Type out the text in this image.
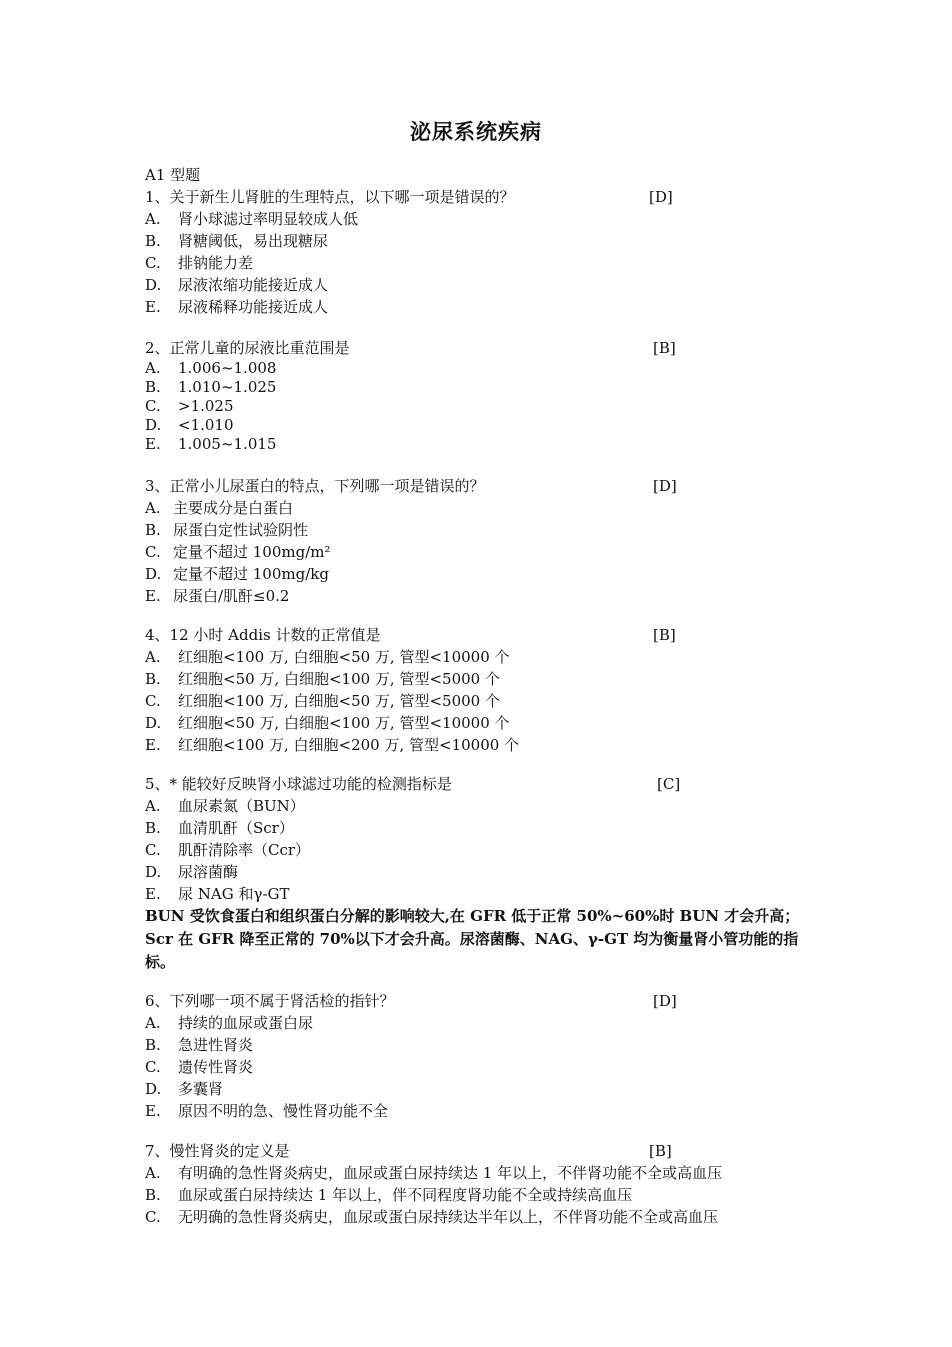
泌尿系统疾病
A1 型题
1、关于新生儿肾脏的生理特点，以下哪一项是错误的？	[D]
A. 肾小球滤过率明显较成人低
B. 肾糖阈低，易出现糖尿
C. 排钠能力差
D. 尿液浓缩功能接近成人
E. 尿液稀释功能接近成人
2、正常儿童的尿液比重范围是	[B]
A. 1.006~1.008
B. 1.010~1.025
C. >1.025
D. <1.010
E. 1.005~1.015
3、正常小儿尿蛋白的特点，下列哪一项是错误的？	[D]
A. 主要成分是白蛋白
B. 尿蛋白定性试验阴性
C. 定量不超过 100mg/m²
D. 定量不超过 100mg/kg
E. 尿蛋白/肌酐≤0.2
4、12 小时 Addis 计数的正常值是	[B]
A. 红细胞<100 万, 白细胞<50 万, 管型<10000 个
B. 红细胞<50 万, 白细胞<100 万, 管型<5000 个
C. 红细胞<100 万, 白细胞<50 万, 管型<5000 个
D. 红细胞<50 万, 白细胞<100 万, 管型<10000 个
E. 红细胞<100 万, 白细胞<200 万, 管型<10000 个
5、* 能较好反映肾小球滤过功能的检测指标是	[C]
A. 血尿素氮（BUN）
B. 血清肌酐（Scr）
C. 肌酐清除率（Ccr）
D. 尿溶菌酶
E. 尿 NAG 和γ-GT
BUN 受饮食蛋白和组织蛋白分解的影响较大,在 GFR 低于正常 50%~60%时 BUN 才会升高；Scr 在 GFR 降至正常的 70%以下才会升高。尿溶菌酶、NAG、γ-GT 均为衡量肾小管功能的指标。
6、下列哪一项不属于肾活检的指针？	[D]
A. 持续的血尿或蛋白尿
B. 急进性肾炎
C. 遗传性肾炎
D. 多囊肾
E. 原因不明的急、慢性肾功能不全
7、慢性肾炎的定义是	[B]
A. 有明确的急性肾炎病史，血尿或蛋白尿持续达 1 年以上，不伴肾功能不全或高血压
B. 血尿或蛋白尿持续达 1 年以上，伴不同程度肾功能不全或持续高血压
C. 无明确的急性肾炎病史，血尿或蛋白尿持续达半年以上，不伴肾功能不全或高血压
